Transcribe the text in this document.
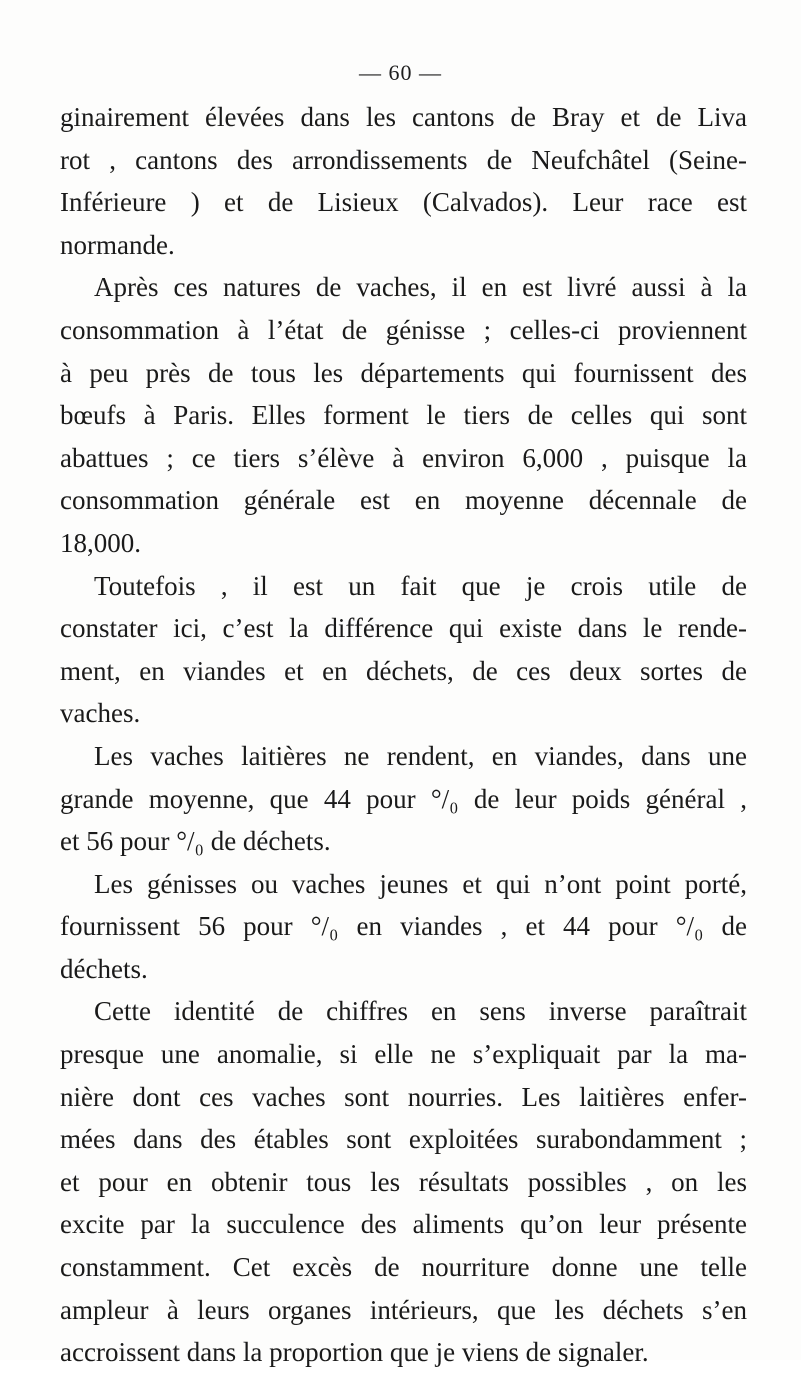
— 60 —
ginairement élevées dans les cantons de Bray et de Liva
rot , cantons des arrondissements de Neufchâtel (Seine-
Inférieure ) et de Lisieux (Calvados). Leur race est
normande.
Après ces natures de vaches, il en est livré aussi à la
consommation à l’état de génisse ; celles-ci proviennent
à peu près de tous les départements qui fournissent des
bœufs à Paris. Elles forment le tiers de celles qui sont
abattues ; ce tiers s’élève à environ 6,000 , puisque la
consommation générale est en moyenne décennale de
18,000.
Toutefois , il est un fait que je crois utile de
constater ici, c’est la différence qui existe dans le rende-
ment, en viandes et en déchets, de ces deux sortes de
vaches.
Les vaches laitières ne rendent, en viandes, dans une
grande moyenne, que 44 pour °/₀ de leur poids général ,
et 56 pour °/₀ de déchets.
Les génisses ou vaches jeunes et qui n’ont point porté,
fournissent 56 pour °/₀ en viandes , et 44 pour °/₀ de
déchets.
Cette identité de chiffres en sens inverse paraîtrait
presque une anomalie, si elle ne s’expliquait par la ma-
nière dont ces vaches sont nourries. Les laitières enfer-
mées dans des étables sont exploitées surabondamment ;
et pour en obtenir tous les résultats possibles , on les
excite par la succulence des aliments qu’on leur présente
constamment. Cet excès de nourriture donne une telle
ampleur à leurs organes intérieurs, que les déchets s’en
accroissent dans la proportion que je viens de signaler.
